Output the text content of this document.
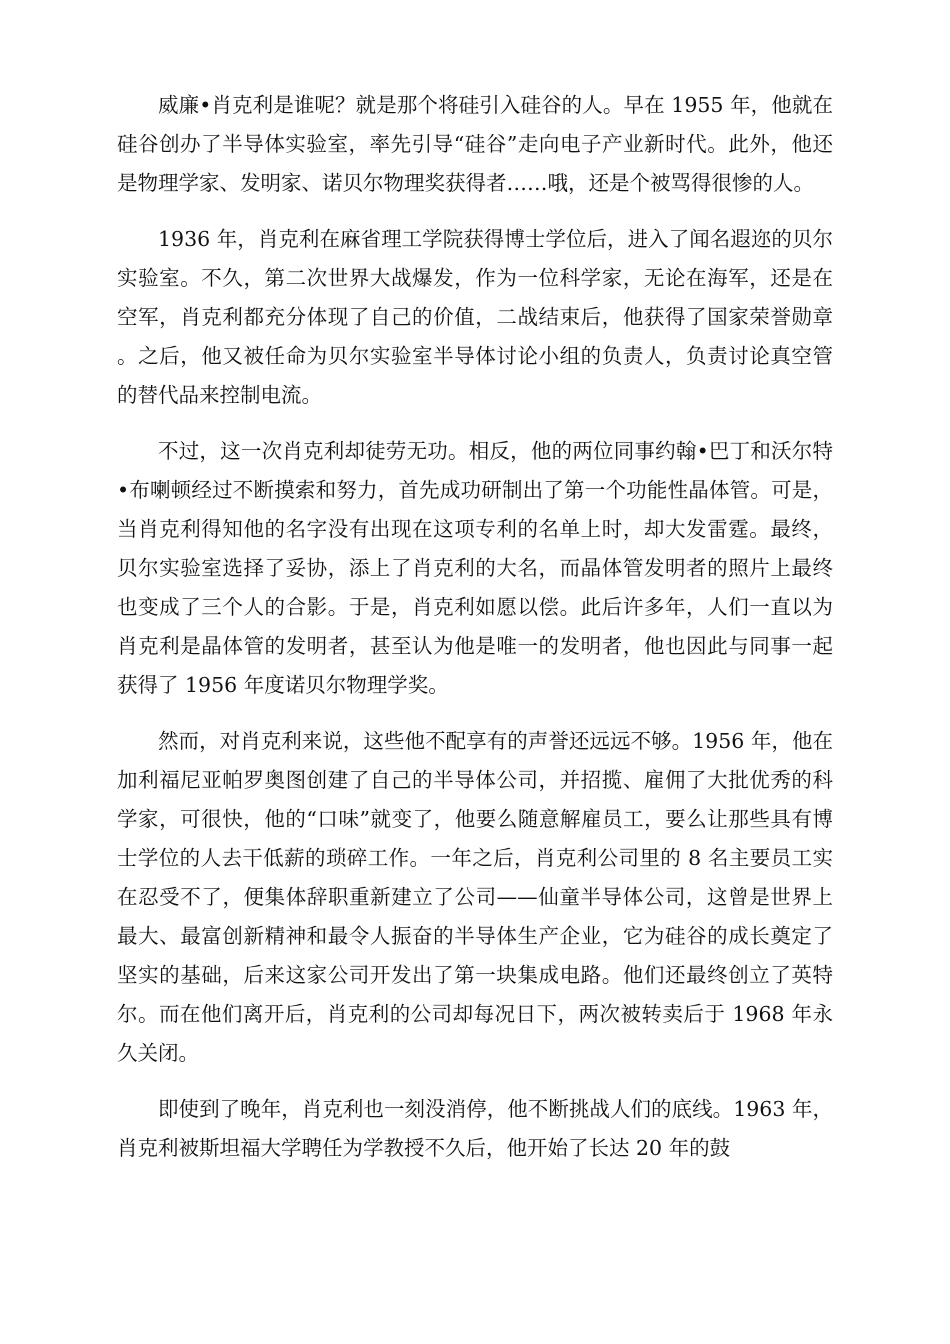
威廉•肖克利是谁呢？就是那个将硅引入硅谷的人。早在 1955 年，他就在硅谷创办了半导体实验室，率先引导“硅谷”走向电子产业新时代。此外，他还是物理学家、发明家、诺贝尔物理奖获得者……哦，还是个被骂得很惨的人。

1936 年，肖克利在麻省理工学院获得博士学位后，进入了闻名遐迩的贝尔实验室。不久，第二次世界大战爆发，作为一位科学家，无论在海军，还是在空军，肖克利都充分体现了自己的价值，二战结束后，他获得了国家荣誉勋章。之后，他又被任命为贝尔实验室半导体讨论小组的负责人，负责讨论真空管的替代品来控制电流。

不过，这一次肖克利却徒劳无功。相反，他的两位同事约翰•巴丁和沃尔特•布喇顿经过不断摸索和努力，首先成功研制出了第一个功能性晶体管。可是，当肖克利得知他的名字没有出现在这项专利的名单上时，却大发雷霆。最终，贝尔实验室选择了妥协，添上了肖克利的大名，而晶体管发明者的照片上最终也变成了三个人的合影。于是，肖克利如愿以偿。此后许多年，人们一直以为肖克利是晶体管的发明者，甚至认为他是唯一的发明者，他也因此与同事一起获得了 1956 年度诺贝尔物理学奖。

然而，对肖克利来说，这些他不配享有的声誉还远远不够。1956 年，他在加利福尼亚帕罗奥图创建了自己的半导体公司，并招揽、雇佣了大批优秀的科学家，可很快，他的“口味”就变了，他要么随意解雇员工，要么让那些具有博士学位的人去干低薪的琐碎工作。一年之后，肖克利公司里的 8 名主要员工实在忍受不了，便集体辞职重新建立了公司——仙童半导体公司，这曾是世界上最大、最富创新精神和最令人振奋的半导体生产企业，它为硅谷的成长奠定了坚实的基础，后来这家公司开发出了第一块集成电路。他们还最终创立了英特尔。而在他们离开后，肖克利的公司却每况日下，两次被转卖后于 1968 年永久关闭。

即使到了晚年，肖克利也一刻没消停，他不断挑战人们的底线。1963 年，肖克利被斯坦福大学聘任为学教授不久后，他开始了长达 20 年的鼓
